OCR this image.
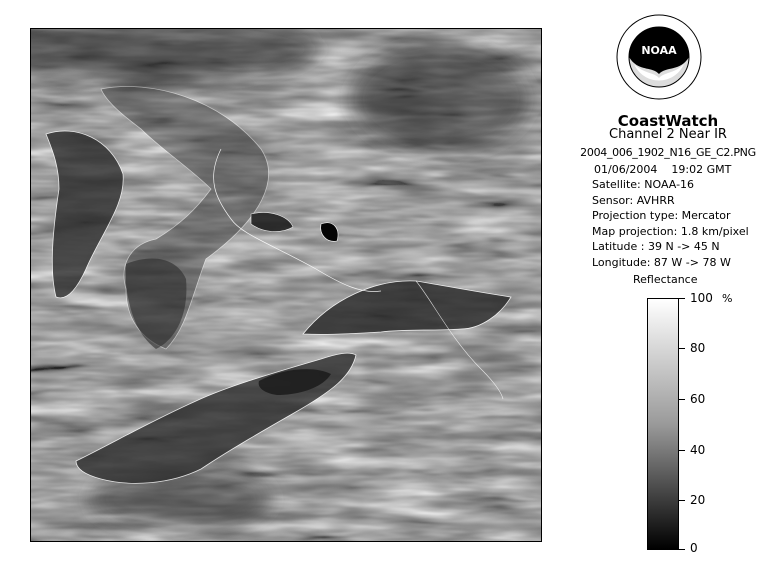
NOAA
CoastWatch
Channel 2 Near IR
2004_006_1902_N16_GE_C2.PNG
01/06/2004 19:02 GMT
Satellite: NOAA-16
Sensor: AVHRR
Projection type: Mercator
Map projection: 1.8 km/pixel
Latitude : 39 N -> 45 N
Longitude: 87 W -> 78 W
Reflectance
%
100
80
60
40
20
0
